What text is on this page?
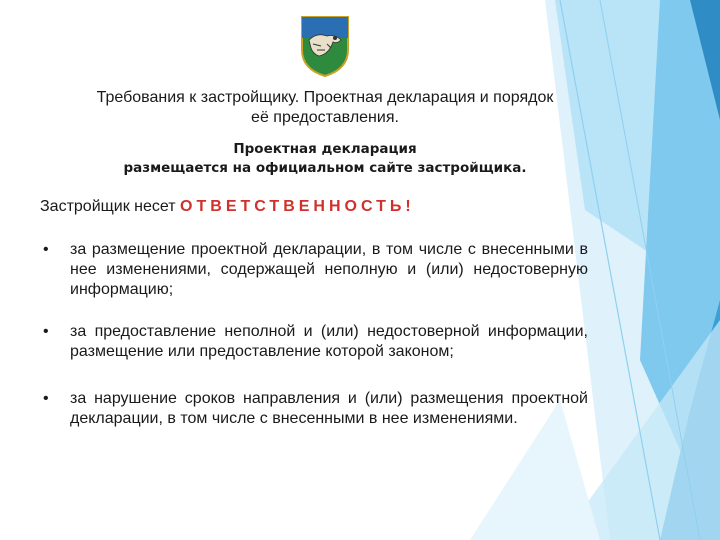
Требования к застройщику. Проектная декларация и порядок
её предоставления.
Проектная декларация
размещается на официальном сайте застройщика.
Застройщик несет ОТВЕТСТВЕННОСТЬ!
• за размещение проектной декларации, в том числе с внесенными в нее изменениями, содержащей неполную и (или) недостоверную информацию;
• за предоставление неполной и (или) недостоверной информации, размещение или предоставление которой законом;
• за нарушение сроков направления и (или) размещения проектной декларации, в том числе с внесенными в нее изменениями.
